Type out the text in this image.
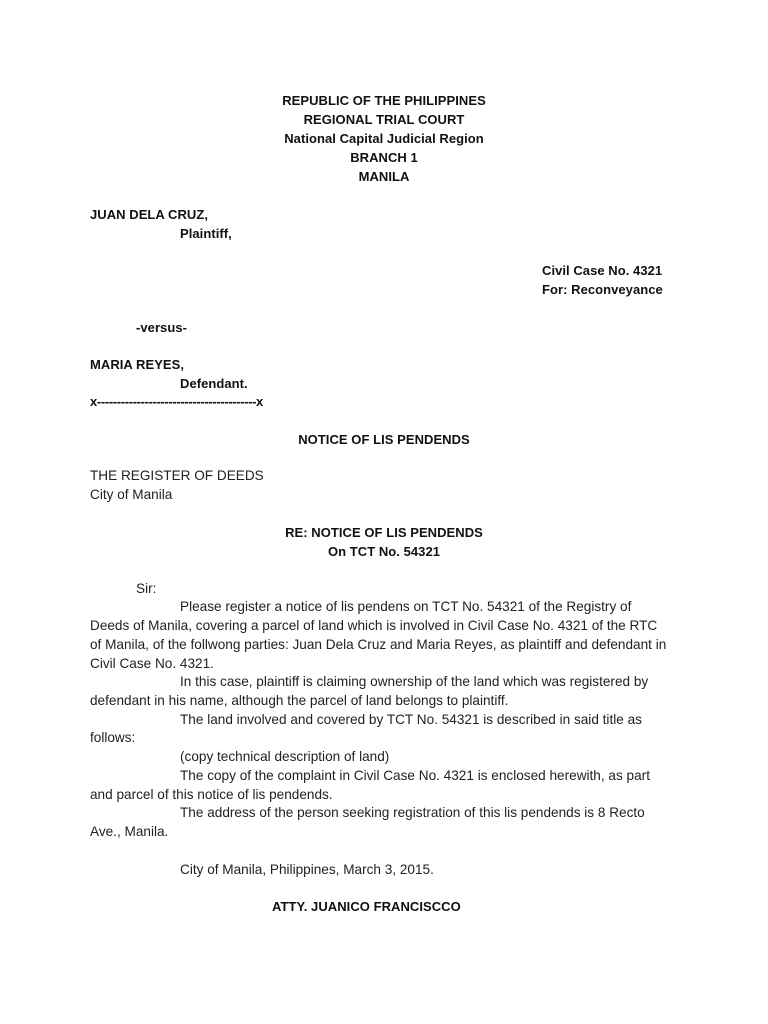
REPUBLIC OF THE PHILIPPINES
REGIONAL TRIAL COURT
National Capital Judicial Region
BRANCH 1
MANILA
JUAN DELA CRUZ,
Plaintiff,
Civil Case No. 4321
For: Reconveyance
-versus-
MARIA REYES,
Defendant.
x----------------------------------------x
NOTICE OF LIS PENDENDS
THE REGISTER OF DEEDS
City of Manila
RE: NOTICE OF LIS PENDENDS
On TCT No. 54321
Sir:
Please register a notice of lis pendens on TCT No. 54321 of the Registry of
Deeds of Manila, covering a parcel of land which is involved in Civil Case No. 4321 of the RTC
of Manila, of the follwong parties: Juan Dela Cruz and Maria Reyes, as plaintiff and defendant in
Civil Case No. 4321.
In this case, plaintiff is claiming ownership of the land which was registered by
defendant in his name, although the parcel of land belongs to plaintiff.
The land involved and covered by TCT No. 54321 is described in said title as
follows:
(copy technical description of land)
The copy of the complaint in Civil Case No. 4321 is enclosed herewith, as part
and parcel of this notice of lis pendends.
The address of the person seeking registration of this lis pendends is 8 Recto
Ave., Manila.
City of Manila, Philippines, March 3, 2015.
ATTY. JUANICO FRANCISCCO
